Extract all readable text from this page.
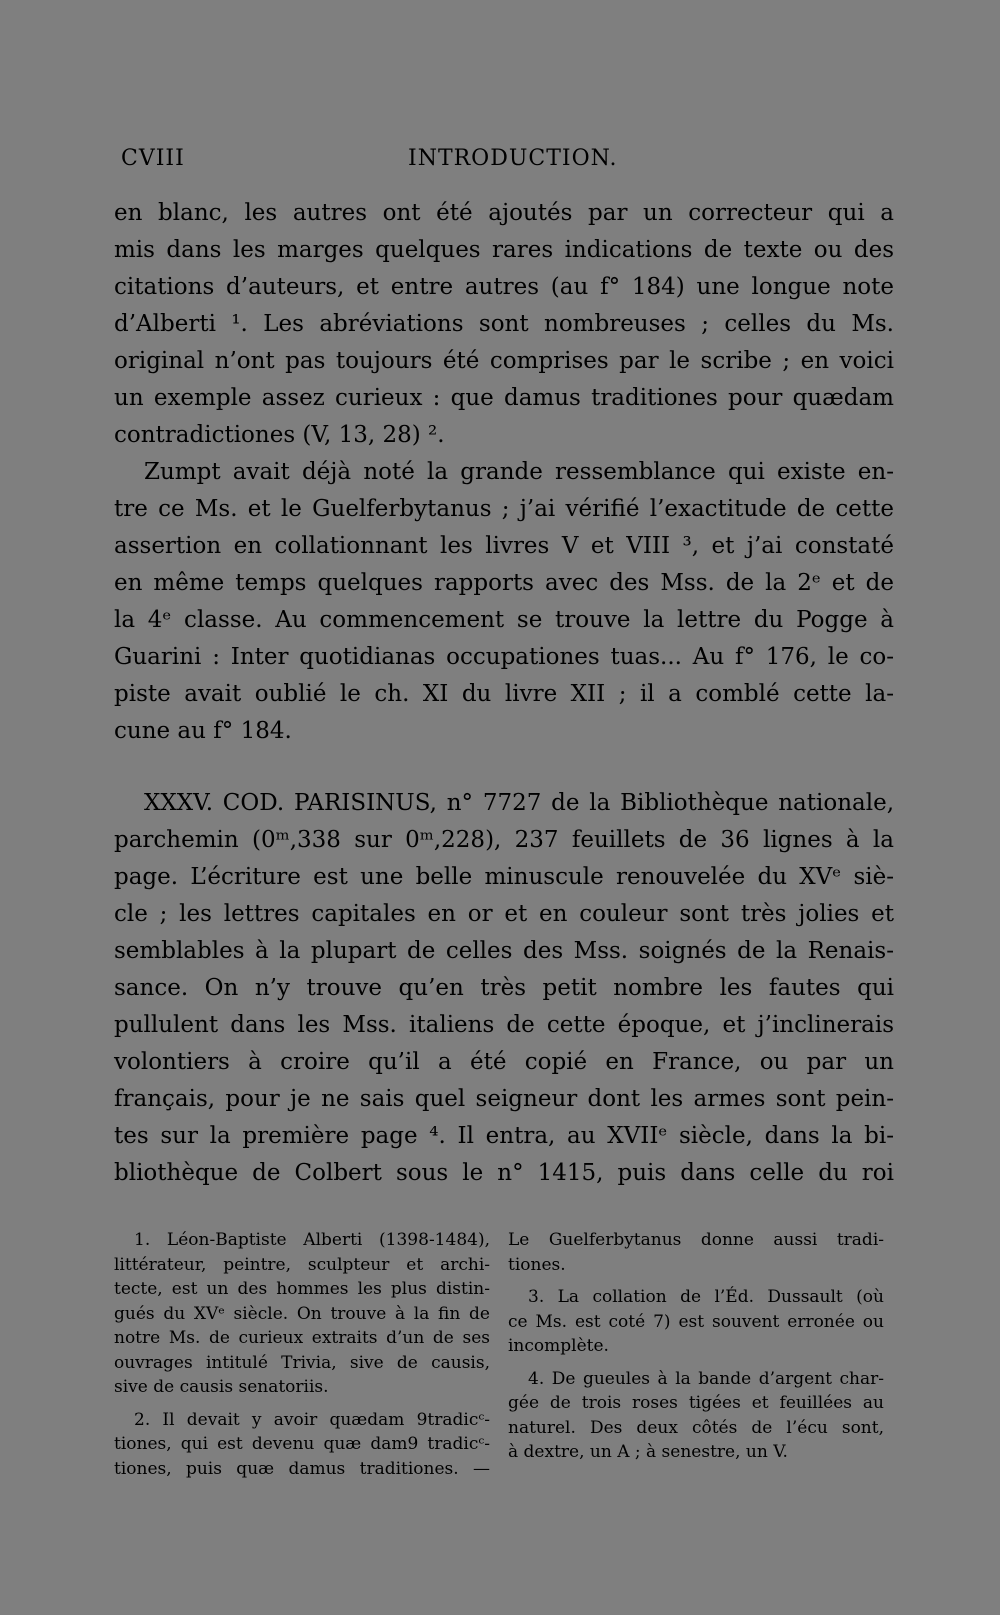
CVIII	INTRODUCTION.
en blanc, les autres ont été ajoutés par un correcteur qui a
mis dans les marges quelques rares indications de texte ou des
citations d’auteurs, et entre autres (au f° 184) une longue note
d’Alberti ¹. Les abréviations sont nombreuses ; celles du Ms.
original n’ont pas toujours été comprises par le scribe ; en voici
un exemple assez curieux : que damus traditiones pour quædam
contradictiones (V, 13, 28) ².
Zumpt avait déjà noté la grande ressemblance qui existe en-
tre ce Ms. et le Guelferbytanus ; j’ai vérifié l’exactitude de cette
assertion en collationnant les livres V et VIII ³, et j’ai constaté
en même temps quelques rapports avec des Mss. de la 2ᵉ et de
la 4ᵉ classe. Au commencement se trouve la lettre du Pogge à
Guarini : Inter quotidianas occupationes tuas... Au f° 176, le co-
piste avait oublié le ch. XI du livre XII ; il a comblé cette la-
cune au f° 184.
XXXV. COD. PARISINUS, n° 7727 de la Bibliothèque nationale,
parchemin (0ᵐ,338 sur 0ᵐ,228), 237 feuillets de 36 lignes à la
page. L’écriture est une belle minuscule renouvelée du XVᵉ siè-
cle ; les lettres capitales en or et en couleur sont très jolies et
semblables à la plupart de celles des Mss. soignés de la Renais-
sance. On n’y trouve qu’en très petit nombre les fautes qui
pullulent dans les Mss. italiens de cette époque, et j’inclinerais
volontiers à croire qu’il a été copié en France, ou par un
français, pour je ne sais quel seigneur dont les armes sont pein-
tes sur la première page ⁴. Il entra, au XVIIᵉ siècle, dans la bi-
bliothèque de Colbert sous le n° 1415, puis dans celle du roi
1. Léon-Baptiste Alberti (1398-1484),
littérateur, peintre, sculpteur et archi-
tecte, est un des hommes les plus distin-
gués du XVᵉ siècle. On trouve à la fin de
notre Ms. de curieux extraits d’un de ses
ouvrages intitulé Trivia, sive de causis,
sive de causis senatoriis.
2. Il devait y avoir quædam 9tradicᶜ-
tiones, qui est devenu quæ dam9 tradicᶜ-
tiones, puis quæ damus traditiones. —
Le Guelferbytanus donne aussi tradi-
tiones.
3. La collation de l’Éd. Dussault (où
ce Ms. est coté 7) est souvent erronée ou
incomplète.
4. De gueules à la bande d’argent char-
gée de trois roses tigées et feuillées au
naturel. Des deux côtés de l’écu sont,
à dextre, un A ; à senestre, un V.
